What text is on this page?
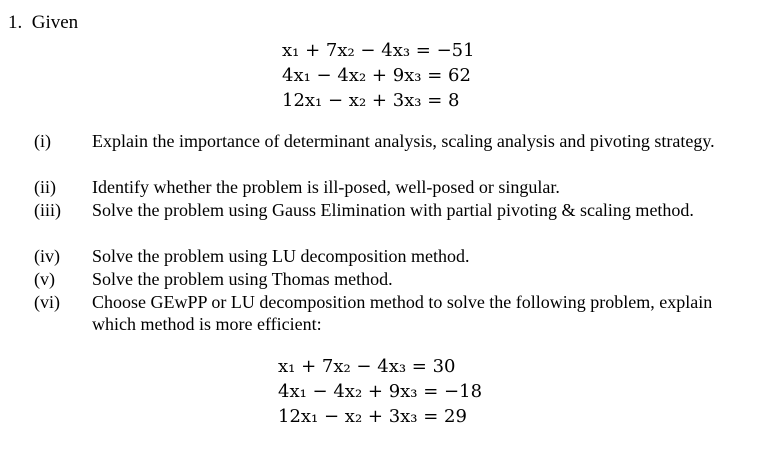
1. Given
x₁ + 7x₂ − 4x₃ = −51
4x₁ − 4x₂ + 9x₃ = 62
12x₁ − x₂ + 3x₃ = 8
(i) Explain the importance of determinant analysis, scaling analysis and pivoting strategy.
(ii) Identify whether the problem is ill-posed, well-posed or singular.
(iii) Solve the problem using Gauss Elimination with partial pivoting & scaling method.
(iv) Solve the problem using LU decomposition method.
(v) Solve the problem using Thomas method.
(vi) Choose GEwPP or LU decomposition method to solve the following problem, explain which method is more efficient:
x₁ + 7x₂ − 4x₃ = 30
4x₁ − 4x₂ + 9x₃ = −18
12x₁ − x₂ + 3x₃ = 29
